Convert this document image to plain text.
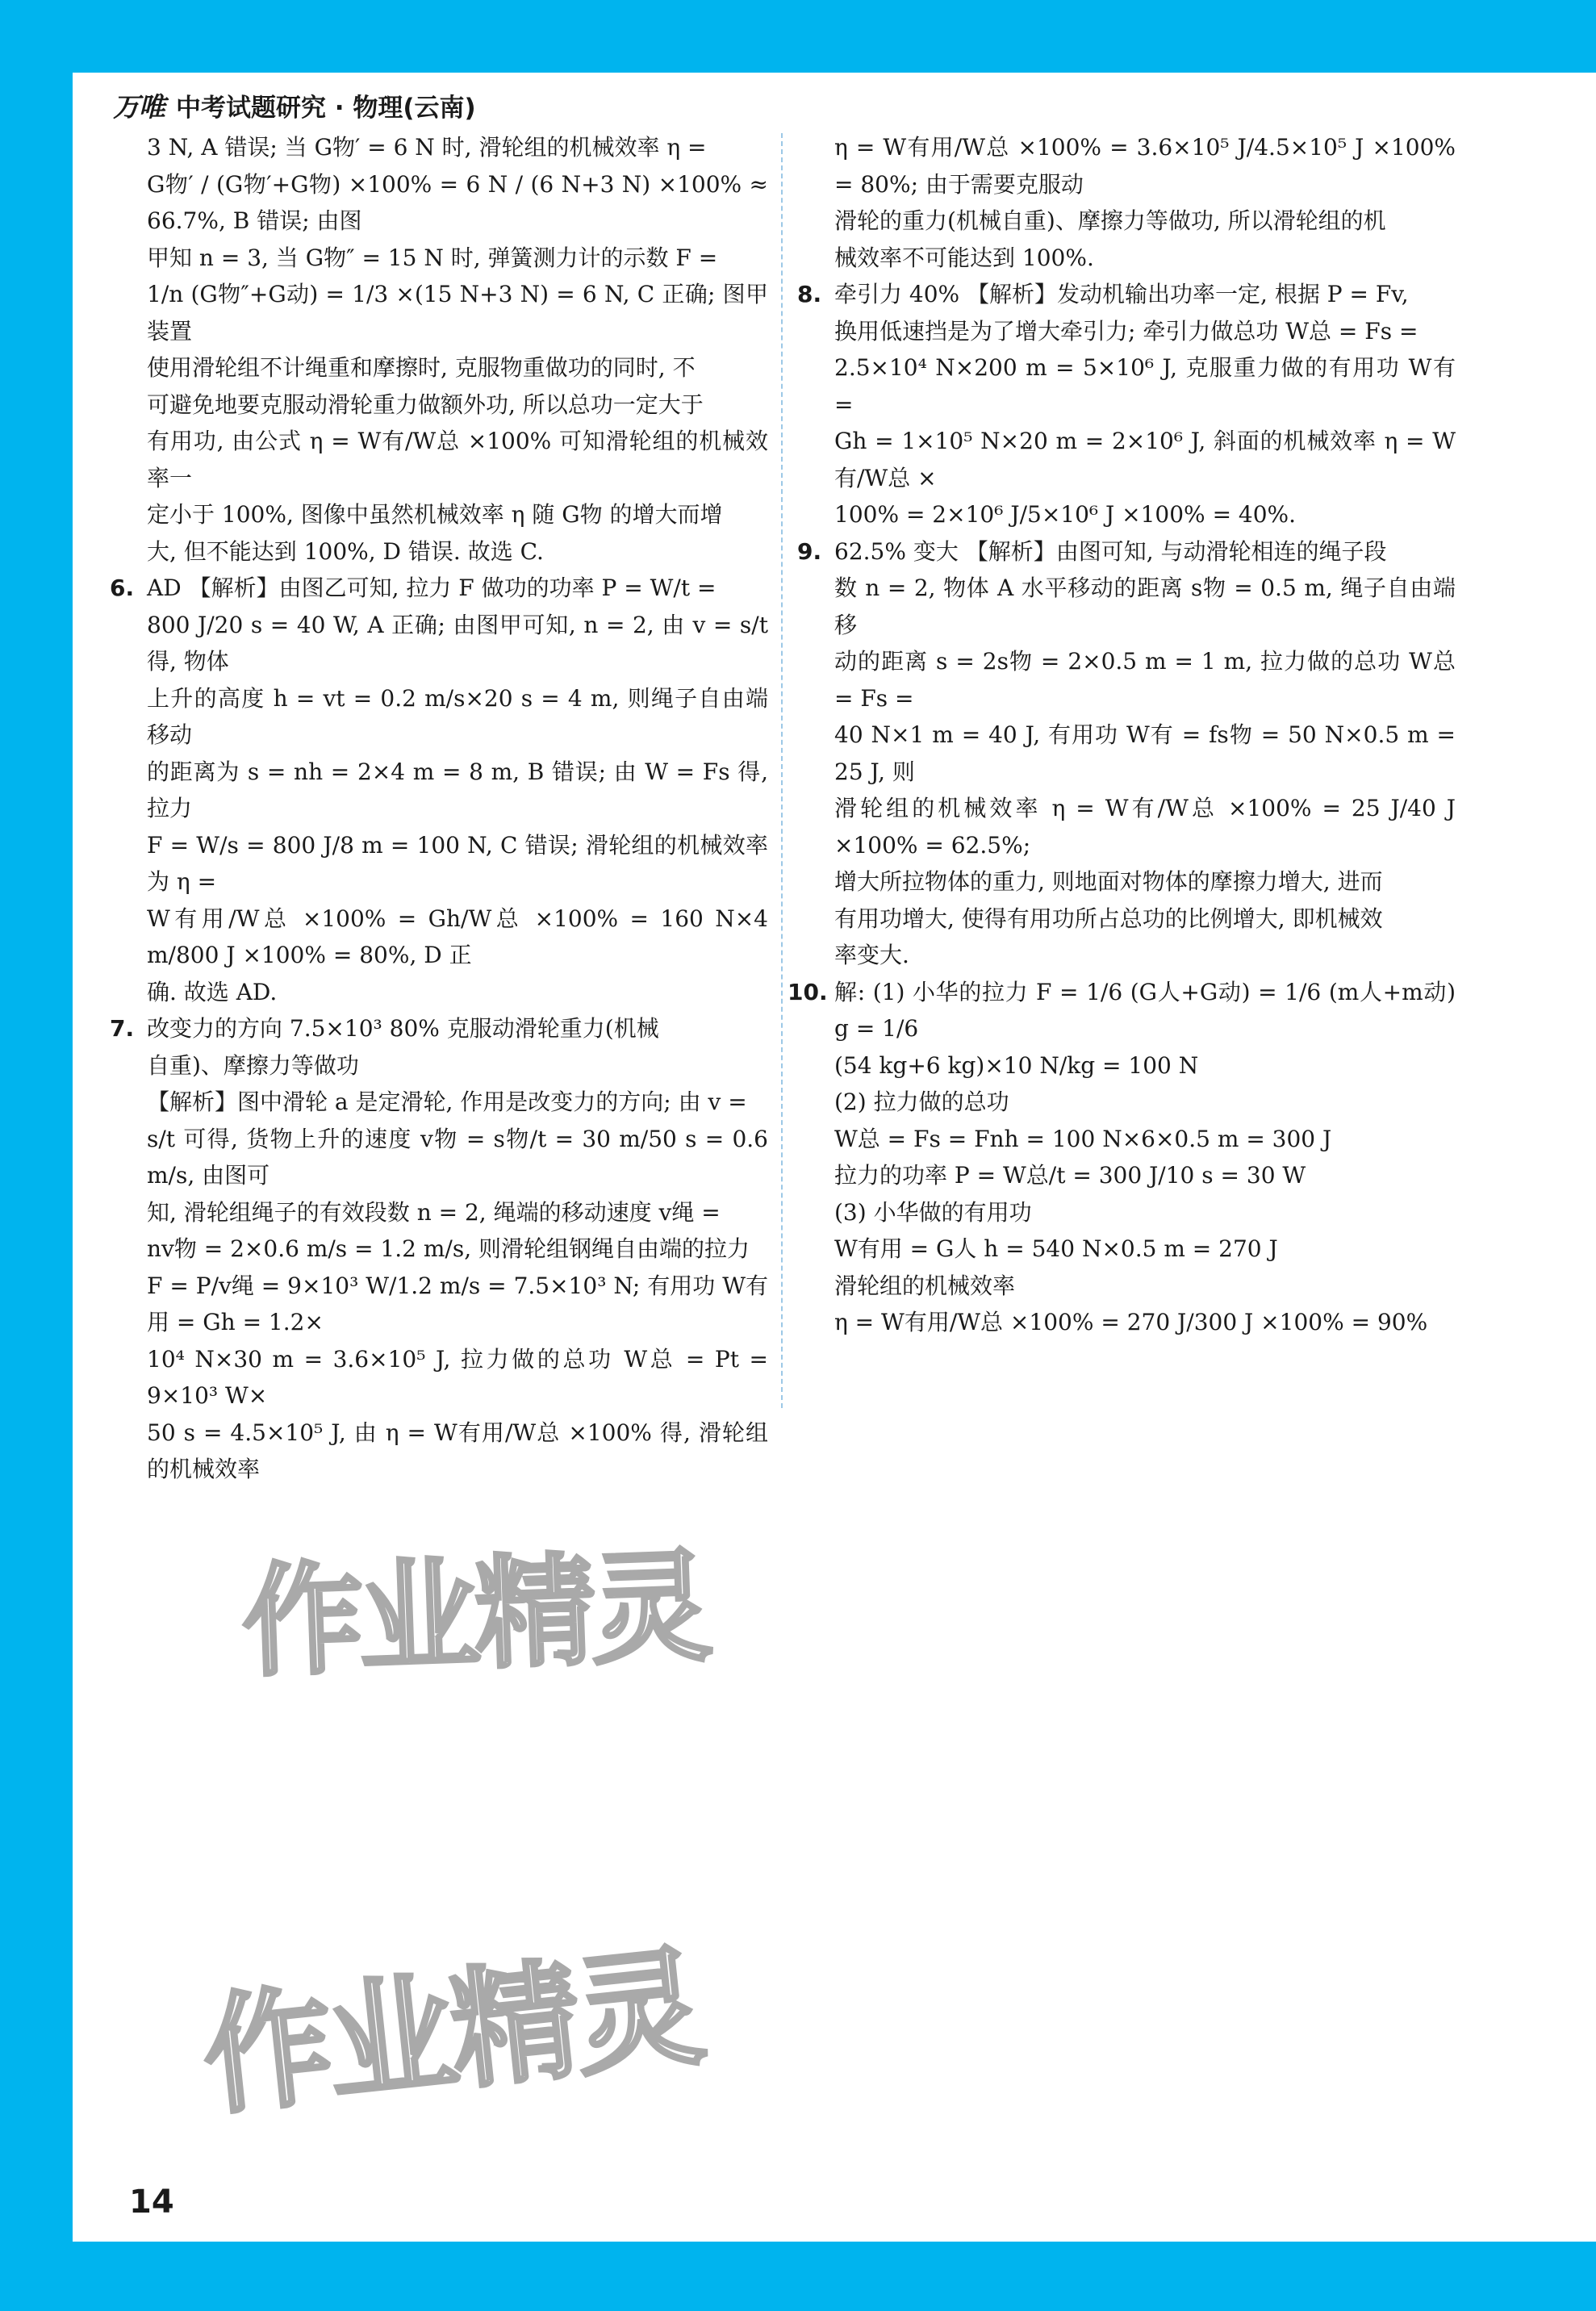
万唯 中考试题研究 · 物理(云南)
3 N, A 错误; 当 G物′ = 6 N 时, 滑轮组的机械效率 η =
G物′ / (G物′+G物) ×100% = 6 N / (6 N+3 N) ×100% ≈ 66.7%, B 错误; 由图
甲知 n = 3, 当 G物″ = 15 N 时, 弹簧测力计的示数 F =
1/n (G物″+G动) = 1/3 ×(15 N+3 N) = 6 N, C 正确; 图甲装置
使用滑轮组不计绳重和摩擦时, 克服物重做功的同时, 不
可避免地要克服动滑轮重力做额外功, 所以总功一定大于
有用功, 由公式 η = W有/W总 ×100% 可知滑轮组的机械效率一
定小于 100%, 图像中虽然机械效率 η 随 G物 的增大而增
大, 但不能达到 100%, D 错误. 故选 C.
6. AD 【解析】由图乙可知, 拉力 F 做功的功率 P = W/t =
800 J/20 s = 40 W, A 正确; 由图甲可知, n = 2, 由 v = s/t 得, 物体
上升的高度 h = vt = 0.2 m/s×20 s = 4 m, 则绳子自由端移动
的距离为 s = nh = 2×4 m = 8 m, B 错误; 由 W = Fs 得, 拉力
F = W/s = 800 J/8 m = 100 N, C 错误; 滑轮组的机械效率为 η =
W有用/W总 ×100% = Gh/W总 ×100% = 160 N×4 m/800 J ×100% = 80%, D 正
确. 故选 AD.
7. 改变力的方向 7.5×10³ 80% 克服动滑轮重力(机械
自重)、摩擦力等做功
【解析】图中滑轮 a 是定滑轮, 作用是改变力的方向; 由 v =
s/t 可得, 货物上升的速度 v物 = s物/t = 30 m/50 s = 0.6 m/s, 由图可
知, 滑轮组绳子的有效段数 n = 2, 绳端的移动速度 v绳 =
nv物 = 2×0.6 m/s = 1.2 m/s, 则滑轮组钢绳自由端的拉力
F = P/v绳 = 9×10³ W/1.2 m/s = 7.5×10³ N; 有用功 W有用 = Gh = 1.2×
10⁴ N×30 m = 3.6×10⁵ J, 拉力做的总功 W总 = Pt = 9×10³ W×
50 s = 4.5×10⁵ J, 由 η = W有用/W总 ×100% 得, 滑轮组的机械效率
η = W有用/W总 ×100% = 3.6×10⁵ J/4.5×10⁵ J ×100% = 80%; 由于需要克服动
滑轮的重力(机械自重)、摩擦力等做功, 所以滑轮组的机
械效率不可能达到 100%.
8. 牵引力 40% 【解析】发动机输出功率一定, 根据 P = Fv,
换用低速挡是为了增大牵引力; 牵引力做总功 W总 = Fs =
2.5×10⁴ N×200 m = 5×10⁶ J, 克服重力做的有用功 W有 =
Gh = 1×10⁵ N×20 m = 2×10⁶ J, 斜面的机械效率 η = W有/W总 ×
100% = 2×10⁶ J/5×10⁶ J ×100% = 40%.
9. 62.5% 变大 【解析】由图可知, 与动滑轮相连的绳子段
数 n = 2, 物体 A 水平移动的距离 s物 = 0.5 m, 绳子自由端移
动的距离 s = 2s物 = 2×0.5 m = 1 m, 拉力做的总功 W总 = Fs =
40 N×1 m = 40 J, 有用功 W有 = fs物 = 50 N×0.5 m = 25 J, 则
滑轮组的机械效率 η = W有/W总 ×100% = 25 J/40 J ×100% = 62.5%;
增大所拉物体的重力, 则地面对物体的摩擦力增大, 进而
有用功增大, 使得有用功所占总功的比例增大, 即机械效
率变大.
10. 解: (1) 小华的拉力 F = 1/6 (G人+G动) = 1/6 (m人+m动) g = 1/6
(54 kg+6 kg)×10 N/kg = 100 N
(2) 拉力做的总功
W总 = Fs = Fnh = 100 N×6×0.5 m = 300 J
拉力的功率 P = W总/t = 300 J/10 s = 30 W
(3) 小华做的有用功
W有用 = G人 h = 540 N×0.5 m = 270 J
滑轮组的机械效率
η = W有用/W总 ×100% = 270 J/300 J ×100% = 90%
作业精灵
作业精灵
14
